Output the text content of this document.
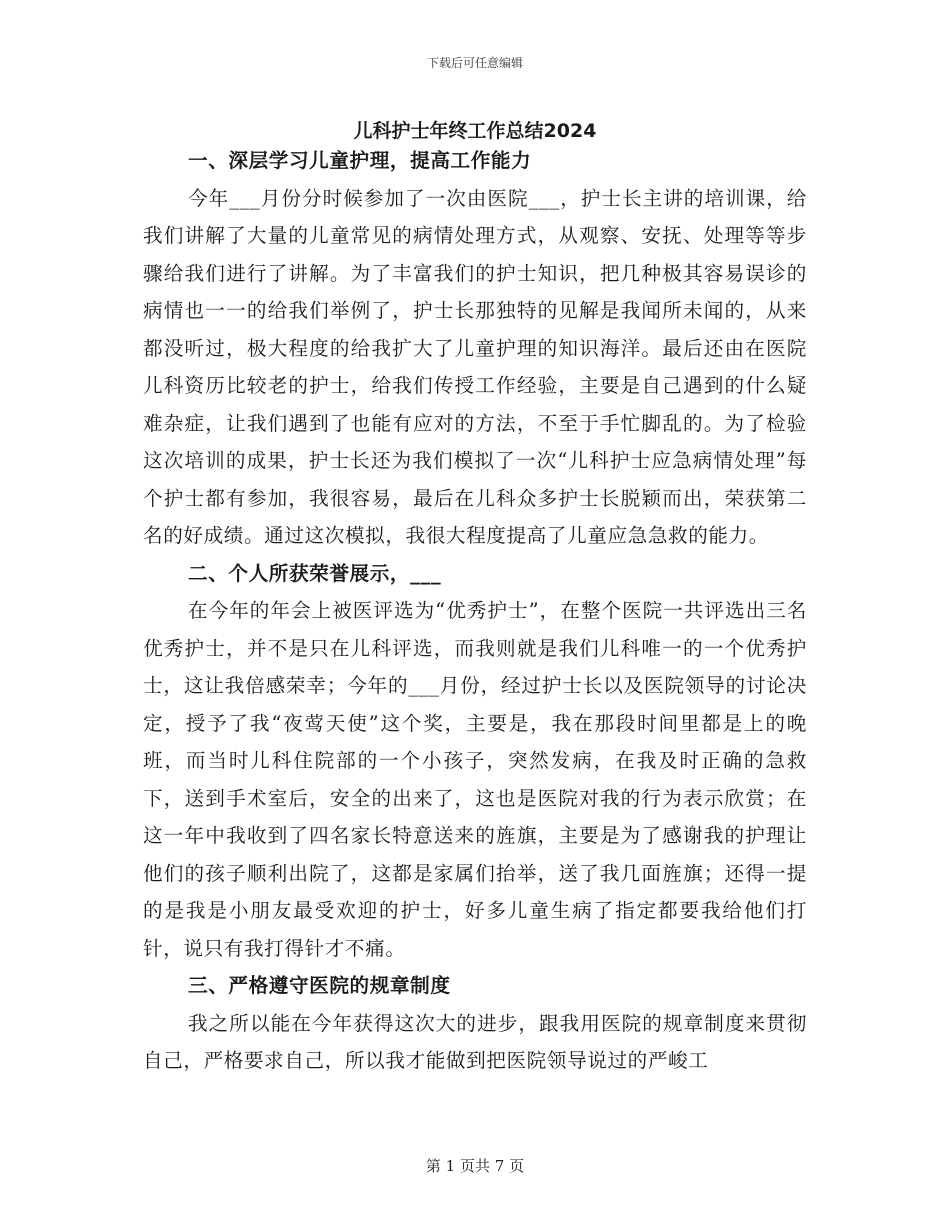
下载后可任意编辑
儿科护士年终工作总结2024
一、深层学习儿童护理，提高工作能力
今年___月份分时候参加了一次由医院___，护士长主讲的培训课，给我们讲解了大量的儿童常见的病情处理方式，从观察、安抚、处理等等步骤给我们进行了讲解。为了丰富我们的护士知识，把几种极其容易误诊的病情也一一的给我们举例了，护士长那独特的见解是我闻所未闻的，从来都没听过，极大程度的给我扩大了儿童护理的知识海洋。最后还由在医院儿科资历比较老的护士，给我们传授工作经验，主要是自己遇到的什么疑难杂症，让我们遇到了也能有应对的方法，不至于手忙脚乱的。为了检验这次培训的成果，护士长还为我们模拟了一次“儿科护士应急病情处理”每个护士都有参加，我很容易，最后在儿科众多护士长脱颖而出，荣获第二名的好成绩。通过这次模拟，我很大程度提高了儿童应急急救的能力。
二、个人所获荣誉展示，___
在今年的年会上被医评选为“优秀护士”，在整个医院一共评选出三名优秀护士，并不是只在儿科评选，而我则就是我们儿科唯一的一个优秀护士，这让我倍感荣幸；今年的___月份，经过护士长以及医院领导的讨论决定，授予了我“夜莺天使”这个奖，主要是，我在那段时间里都是上的晚班，而当时儿科住院部的一个小孩子，突然发病，在我及时正确的急救下，送到手术室后，安全的出来了，这也是医院对我的行为表示欣赏；在这一年中我收到了四名家长特意送来的旌旗，主要是为了感谢我的护理让他们的孩子顺利出院了，这都是家属们抬举，送了我几面旌旗；还得一提的是我是小朋友最受欢迎的护士，好多儿童生病了指定都要我给他们打针，说只有我打得针才不痛。
三、严格遵守医院的规章制度
我之所以能在今年获得这次大的进步，跟我用医院的规章制度来贯彻自己，严格要求自己，所以我才能做到把医院领导说过的严峻工
第 1 页共 7 页
